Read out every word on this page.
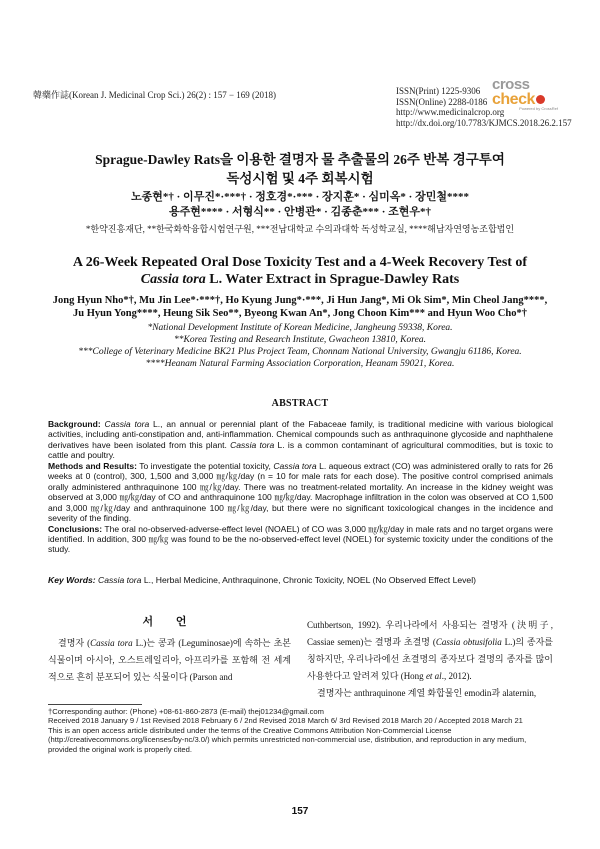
韓藥作誌(Korean J. Medicinal Crop Sci.) 26(2) : 157 − 169 (2018)	ISSN(Print) 1225-9306
ISSN(Online) 2288-0186
http://www.medicinalcrop.org
http://dx.doi.org/10.7783/KJMCS.2018.26.2.157
cross
check
Powered by CrossRef
Sprague-Dawley Rats을 이용한 결명자 물 추출물의 26주 반복 경구투여
독성시험 및 4주 회복시험
노종현*† · 이무진*·***† · 정호경*·*** · 장지훈* · 심미옥* · 장민철****
용주현**** · 서형식** · 안병관* · 김종춘*** · 조현우*†
*한약진흥재단, **한국화학융합시험연구원, ***전남대학교 수의과대학 독성학교실, ****해남자연영농조합법인
A 26-Week Repeated Oral Dose Toxicity Test and a 4-Week Recovery Test of
Cassia tora L. Water Extract in Sprague-Dawley Rats
Jong Hyun Nho*†, Mu Jin Lee*·***†, Ho Kyung Jung*·***, Ji Hun Jang*, Mi Ok Sim*, Min Cheol Jang****,
Ju Hyun Yong****, Heung Sik Seo**, Byeong Kwan An*, Jong Choon Kim*** and Hyun Woo Cho*†
*National Development Institute of Korean Medicine, Jangheung 59338, Korea.
**Korea Testing and Research Institute, Gwacheon 13810, Korea.
***College of Veterinary Medicine BK21 Plus Project Team, Chonnam National University, Gwangju 61186, Korea.
****Heanam Natural Farming Association Corporation, Heanam 59021, Korea.
ABSTRACT

Background: Cassia tora L., an annual or perennial plant of the Fabaceae family, is traditional medicine with various biological activities, including anti-constipation and, anti-inflammation. Chemical compounds such as anthraquinone glycoside and naphthalene derivatives have been isolated from this plant. Cassia tora L. is a common contaminant of agricultural commodities, but is toxic to cattle and poultry.

Methods and Results: To investigate the potential toxicity, Cassia tora L. aqueous extract (CO) was administered orally to rats for 26 weeks at 0 (control), 300, 1,500 and 3,000 ㎎/㎏/day (n = 10 for male rats for each dose). The positive control comprised animals orally administered anthraquinone 100 ㎎/㎏/day. There was no treatment-related mortality. An increase in the kidney weight was observed at 3,000 ㎎/㎏/day of CO and anthraquinone 100 ㎎/㎏/day. Macrophage infiltration in the colon was observed at CO 1,500 and 3,000 ㎎/㎏/day and anthraquinone 100 ㎎/㎏/day, but there were no significant toxicological changes in the incidence and severity of the finding.

Conclusions: The oral no-observed-adverse-effect level (NOAEL) of CO was 3,000 ㎎/㎏/day in male rats and no target organs were identified. In addition, 300 ㎎/㎏ was found to be the no-observed-effect level (NOEL) for systemic toxicity under the conditions of the study.

Key Words: Cassia tora L., Herbal Medicine, Anthraquinone, Chronic Toxicity, NOEL (No Observed Effect Level)
서 언

결명자 (Cassia tora L.)는 콩과 (Leguminosae)에 속하는 초본식물이며 아시아, 오스트레일리아, 아프리카를 포함해 전 세계적으로 흔히 분포되어 있는 식물이다 (Parson and

Cuthbertson, 1992). 우리나라에서 사용되는 결명자 (決明子, Cassiae semen)는 결명과 초결명 (Cassia obtusifolia L.)의 종자를 칭하지만, 우리나라에선 초결명의 종자보다 결명의 종자를 많이 사용한다고 알려져 있다 (Hong et al., 2012).

결명자는 anthraquinone 계열 화합물인 emodin과 alaternin,

†Corresponding author: (Phone) +08-61-860-2873 (E-mail) thej01234@gmail.com

Received 2018 January 9 / 1st Revised 2018 February 6 / 2nd Revised 2018 March 6/ 3rd Revised 2018 March 20 / Accepted 2018 March 21

This is an open access article distributed under the terms of the Creative Commons Attribution Non-Commercial License (http://creativecommons.org/licenses/by-nc/3.0/) which permits unrestricted non-commercial use, distribution, and reproduction in any medium, provided the original work is properly cited.

157
